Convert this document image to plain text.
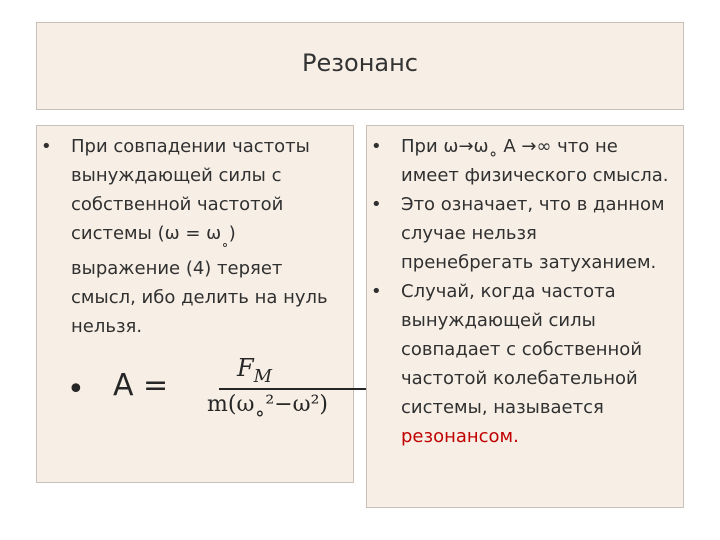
Резонанс
•	При совпадении частоты
вынуждающей силы с
собственной частотой
системы $(\omega = \omega_˳)$
выражение (4) теряет
смысл, ибо делить на нуль
нельзя.
• A =	$F_M$
m(ω˳²−ω²)
•	При ω→ω˳ А →∞ что не
имеет физического смысла.
•	Это означает, что в данном
случае нельзя
пренебрегать затуханием.
•	Случай, когда частота
вынуждающей силы
совпадает с собственной
частотой колебательной
системы, называется
резонансом.
